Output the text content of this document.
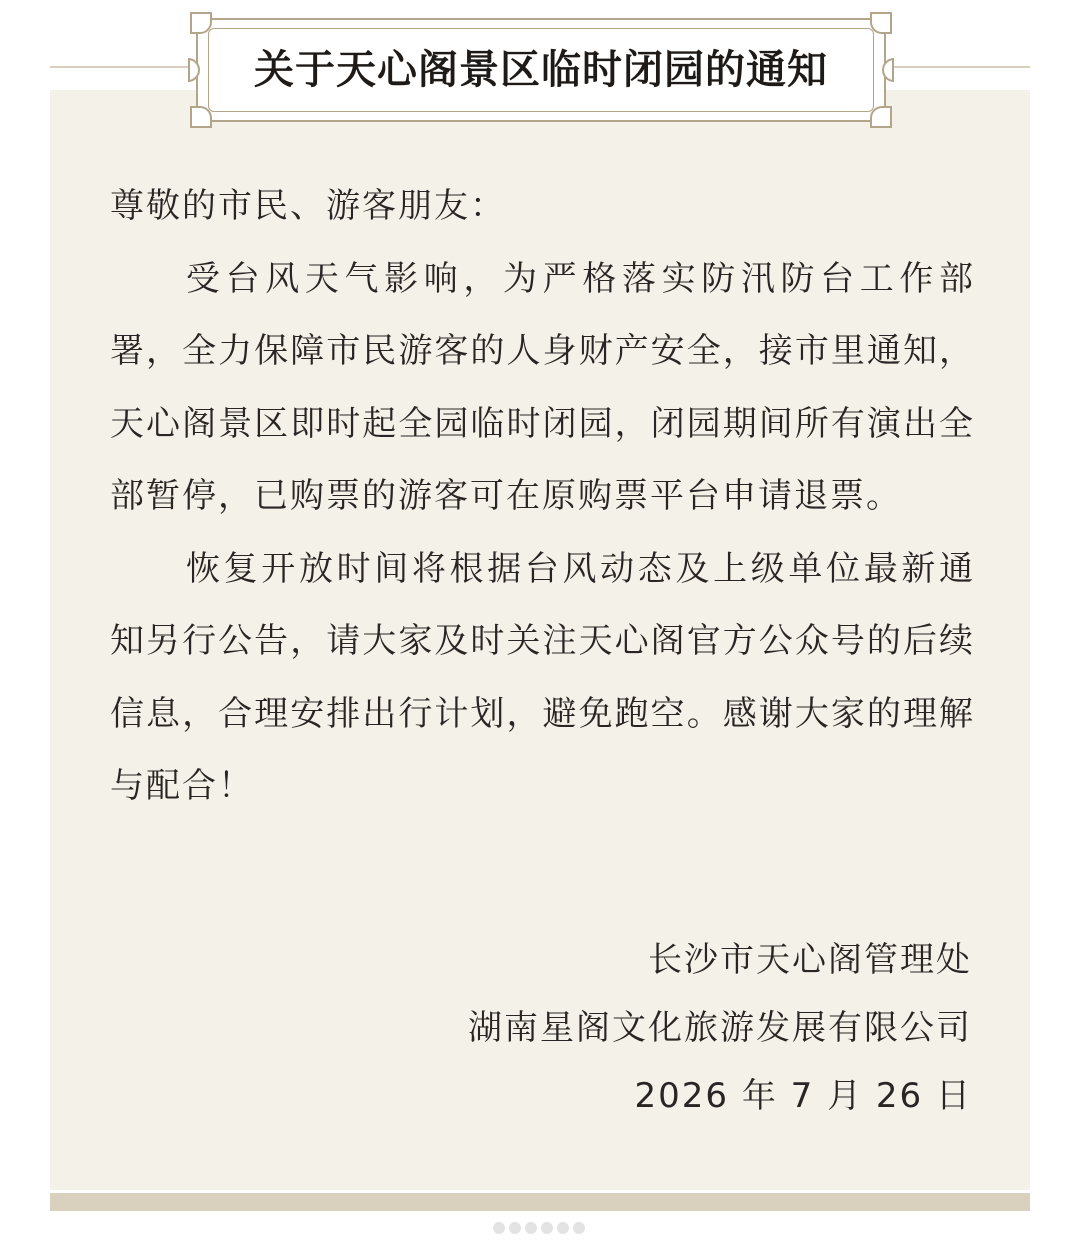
关于天心阁景区临时闭园的通知

尊敬的市民、游客朋友：

受台风天气影响，为严格落实防汛防台工作部署，全力保障市民游客的人身财产安全，接市里通知，天心阁景区即时起全园临时闭园，闭园期间所有演出全部暂停，已购票的游客可在原购票平台申请退票。

恢复开放时间将根据台风动态及上级单位最新通知另行公告，请大家及时关注天心阁官方公众号的后续信息，合理安排出行计划，避免跑空。感谢大家的理解与配合！

长沙市天心阁管理处
湖南星阁文化旅游发展有限公司
2026 年 7 月 26 日
